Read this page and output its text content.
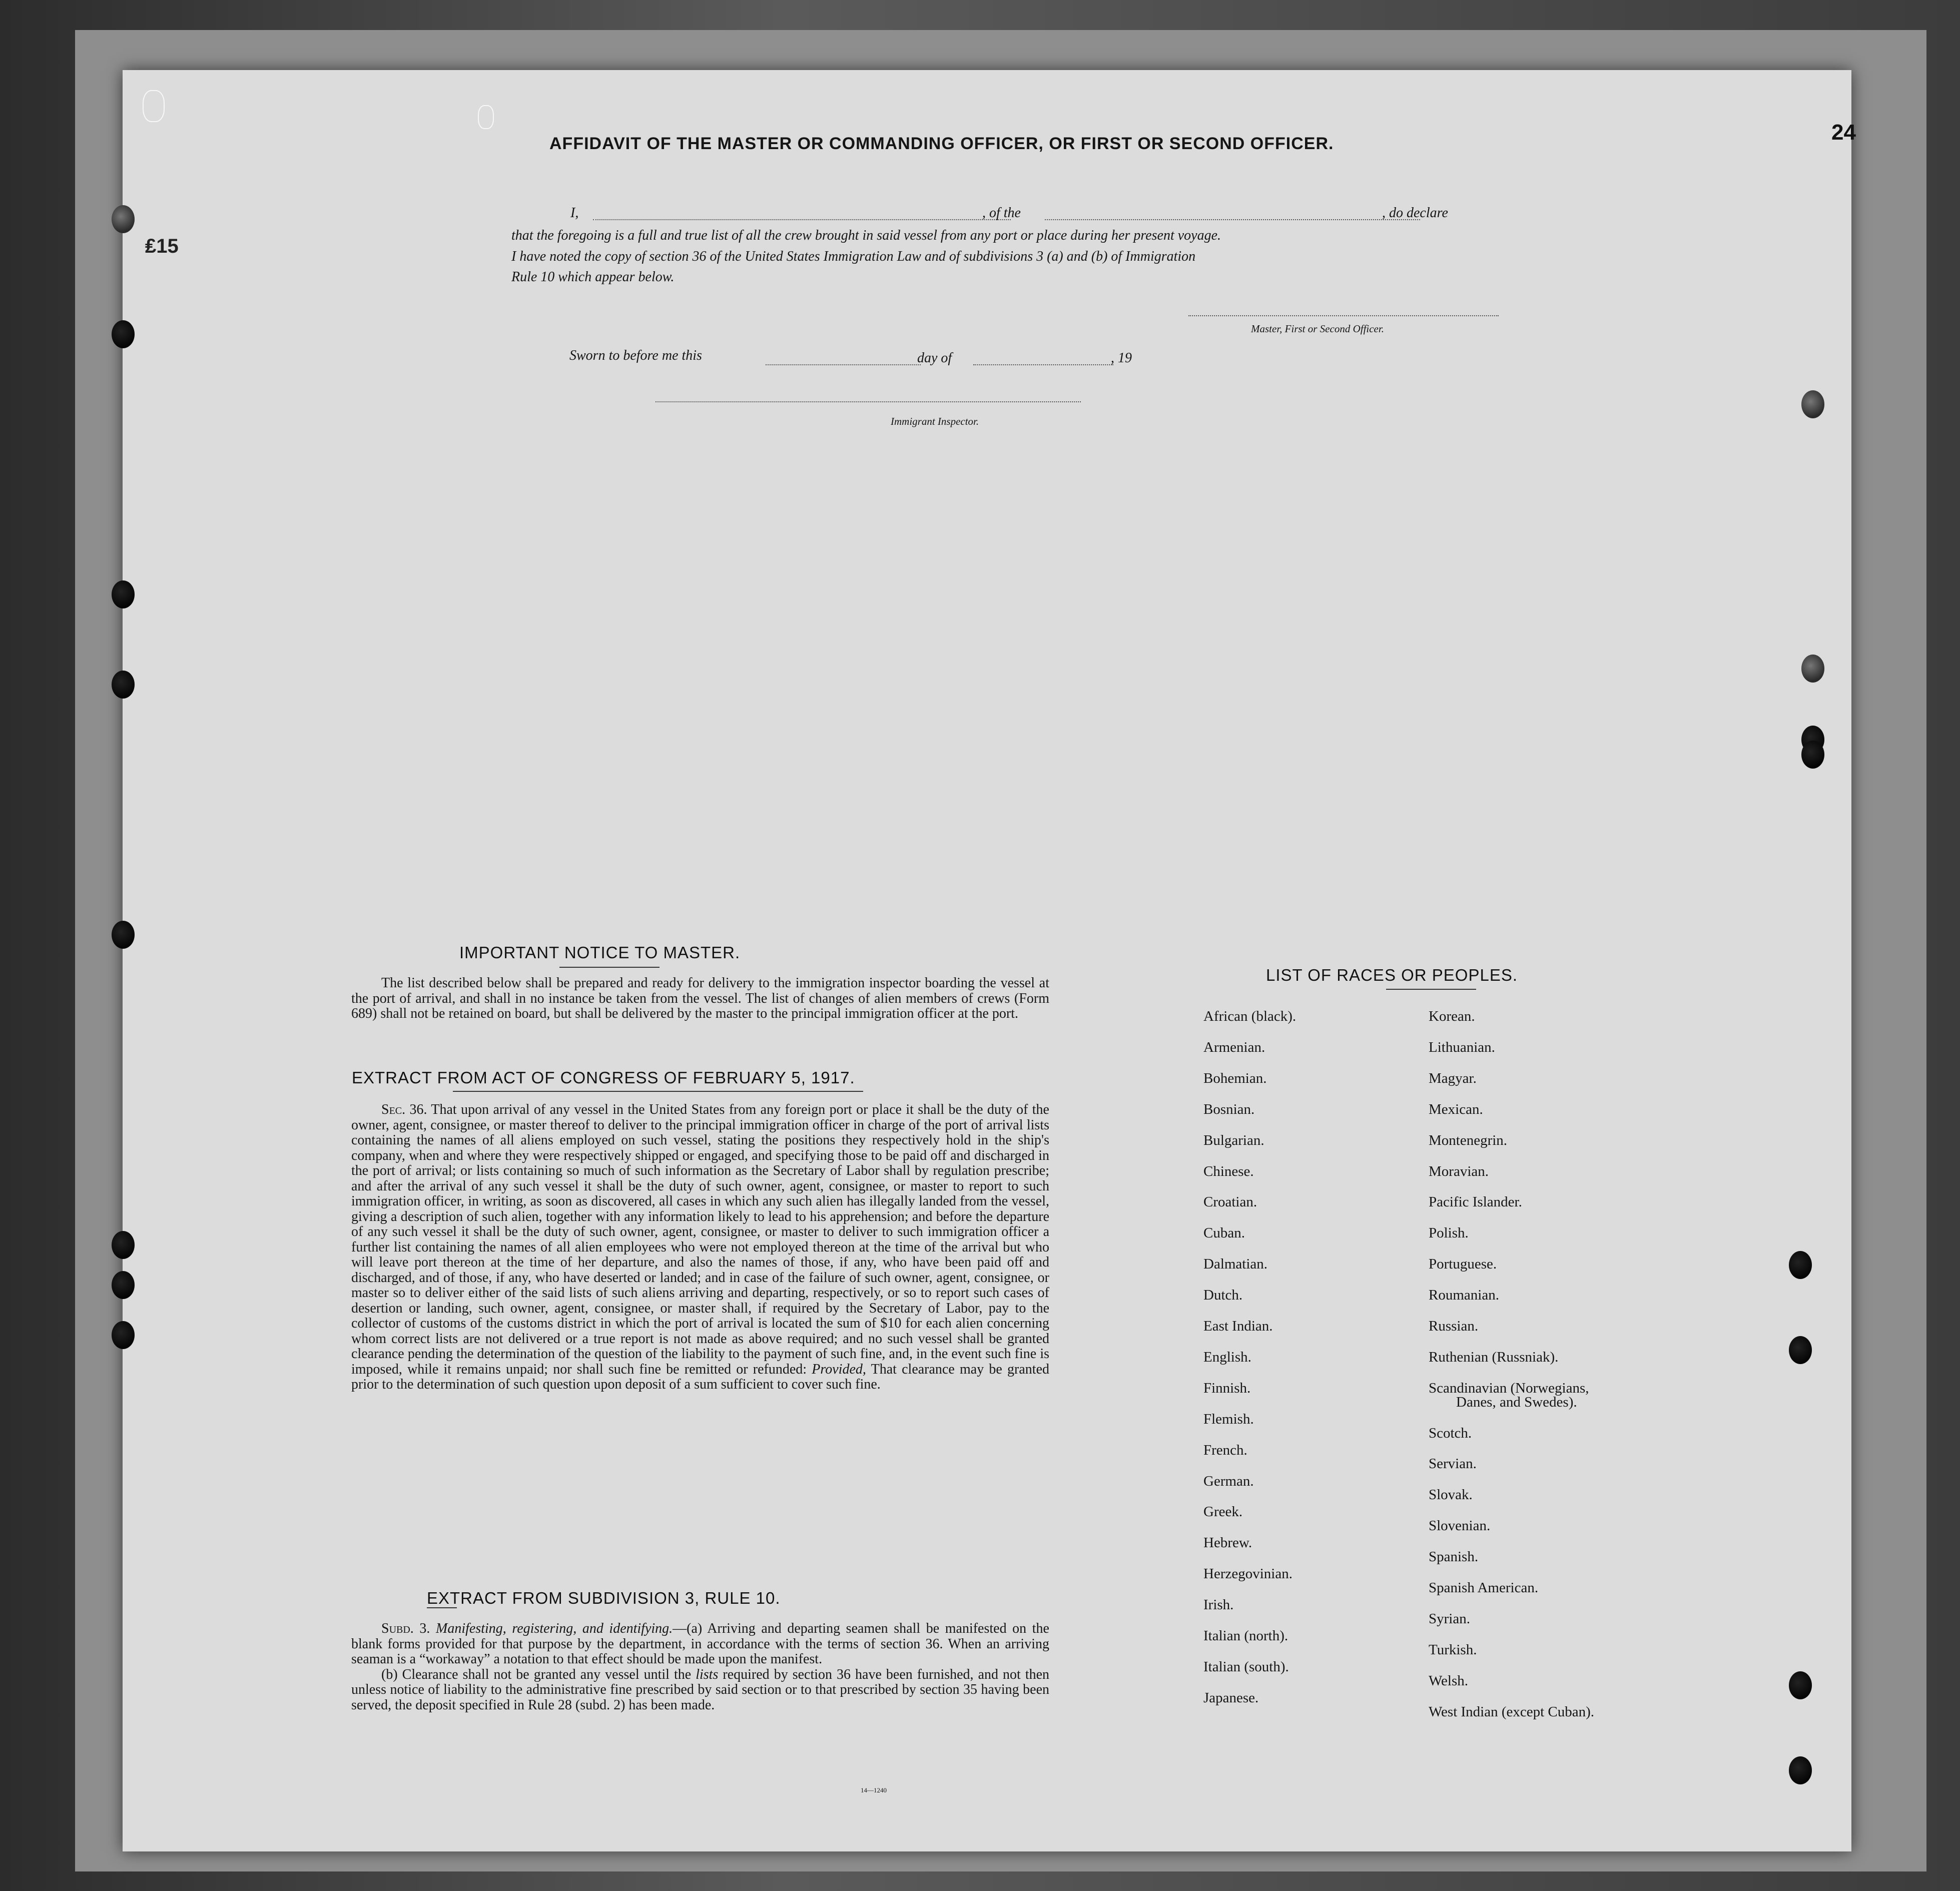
24
₤15
AFFIDAVIT OF THE MASTER OR COMMANDING OFFICER, OR FIRST OR SECOND OFFICER.
I,	, of the	, do declare
that the foregoing is a full and true list of all the crew brought in said vessel from any port or place during her present voyage.
I have noted the copy of section 36 of the United States Immigration Law and of subdivisions 3 (a) and (b) of Immigration
Rule 10 which appear below.
Master, First or Second Officer.
Sworn to before me this	day of	, 19
Immigrant Inspector.
IMPORTANT NOTICE TO MASTER.

The list described below shall be prepared and ready for delivery to the immigration inspector boarding the vessel at the port of arrival, and shall in no instance be taken from the vessel. The list of changes of alien members of crews (Form 689) shall not be retained on board, but shall be delivered by the master to the principal immigration officer at the port.

EXTRACT FROM ACT OF CONGRESS OF FEBRUARY 5, 1917.

Sec. 36. That upon arrival of any vessel in the United States from any foreign port or place it shall be the duty of the owner, agent, consignee, or master thereof to deliver to the principal immigration officer in charge of the port of arrival lists containing the names of all aliens employed on such vessel, stating the positions they respectively hold in the ship's company, when and where they were respectively shipped or engaged, and specifying those to be paid off and discharged in the port of arrival; or lists containing so much of such information as the Secretary of Labor shall by regulation prescribe; and after the arrival of any such vessel it shall be the duty of such owner, agent, consignee, or master to report to such immigration officer, in writing, as soon as discovered, all cases in which any such alien has illegally landed from the vessel, giving a description of such alien, together with any information likely to lead to his apprehension; and before the departure of any such vessel it shall be the duty of such owner, agent, consignee, or master to deliver to such immigration officer a further list containing the names of all alien employees who were not employed thereon at the time of the arrival but who will leave port thereon at the time of her departure, and also the names of those, if any, who have been paid off and discharged, and of those, if any, who have deserted or landed; and in case of the failure of such owner, agent, consignee, or master so to deliver either of the said lists of such aliens arriving and departing, respectively, or so to report such cases of desertion or landing, such owner, agent, consignee, or master shall, if required by the Secretary of Labor, pay to the collector of customs of the customs district in which the port of arrival is located the sum of $10 for each alien concerning whom correct lists are not delivered or a true report is not made as above required; and no such vessel shall be granted clearance pending the determination of the question of the liability to the payment of such fine, and, in the event such fine is imposed, while it remains unpaid; nor shall such fine be remitted or refunded: Provided, That clearance may be granted prior to the determination of such question upon deposit of a sum sufficient to cover such fine.

EXTRACT FROM SUBDIVISION 3, RULE 10.

Subd. 3. Manifesting, registering, and identifying.—(a) Arriving and departing seamen shall be manifested on the blank forms provided for that purpose by the department, in accordance with the terms of section 36. When an arriving seaman is a “workaway” a notation to that effect should be made upon the manifest.

(b) Clearance shall not be granted any vessel until the lists required by section 36 have been furnished, and not then unless notice of liability to the administrative fine prescribed by said section or to that prescribed by section 35 having been served, the deposit specified in Rule 28 (subd. 2) has been made.

14—1240
LIST OF RACES OR PEOPLES.
African (black).
Armenian.
Bohemian.
Bosnian.
Bulgarian.
Chinese.
Croatian.
Cuban.
Dalmatian.
Dutch.
East Indian.
English.
Finnish.
Flemish.
French.
German.
Greek.
Hebrew.
Herzegovinian.
Irish.
Italian (north).
Italian (south).
Japanese.
Korean.
Lithuanian.
Magyar.
Mexican.
Montenegrin.
Moravian.
Pacific Islander.
Polish.
Portuguese.
Roumanian.
Russian.
Ruthenian (Russniak).
Scandinavian (Norwegians,
Danes, and Swedes).
Scotch.
Servian.
Slovak.
Slovenian.
Spanish.
Spanish American.
Syrian.
Turkish.
Welsh.
West Indian (except Cuban).
